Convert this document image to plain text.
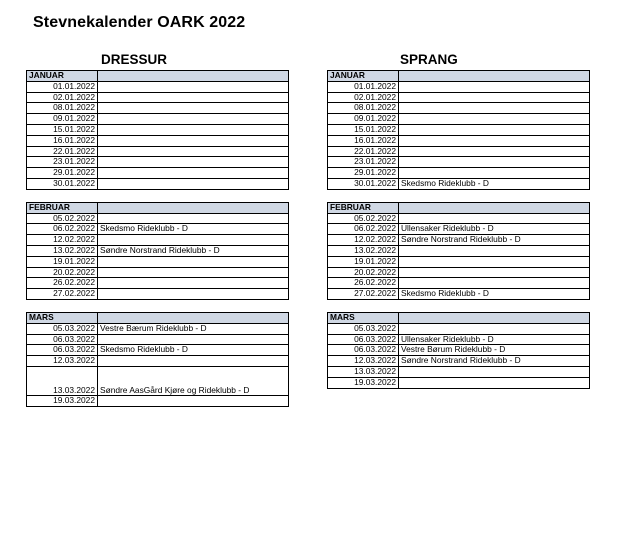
Stevnekalender OARK 2022
DRESSUR	SPRANG
JANUAR	
01.01.2022	
02.01.2022	
08.01.2022	
09.01.2022	
15.01.2022	
16.01.2022	
22.01.2022	
23.01.2022	
29.01.2022	
30.01.2022	
FEBRUAR	
05.02.2022	
06.02.2022	Skedsmo Rideklubb - D
12.02.2022	
13.02.2022	Søndre Norstrand Rideklubb - D
19.01.2022	
20.02.2022	
26.02.2022	
27.02.2022	
MARS	
05.03.2022	Vestre Bærum Rideklubb - D
06.03.2022	
06.03.2022	Skedsmo Rideklubb - D
12.03.2022	
13.03.2022	Søndre AasGård Kjøre og Rideklubb - D
19.03.2022	
JANUAR	
01.01.2022	
02.01.2022	
08.01.2022	
09.01.2022	
15.01.2022	
16.01.2022	
22.01.2022	
23.01.2022	
29.01.2022	
30.01.2022	Skedsmo Rideklubb - D
FEBRUAR	
05.02.2022	
06.02.2022	Ullensaker Rideklubb - D
12.02.2022	Søndre Norstrand Rideklubb - D
13.02.2022	
19.01.2022	
20.02.2022	
26.02.2022	
27.02.2022	Skedsmo Rideklubb - D
MARS	
05.03.2022	
06.03.2022	Ullensaker Rideklubb - D
06.03.2022	Vestre Børum Rideklubb - D
12.03.2022	Søndre Norstrand Rideklubb - D
13.03.2022	
19.03.2022	
